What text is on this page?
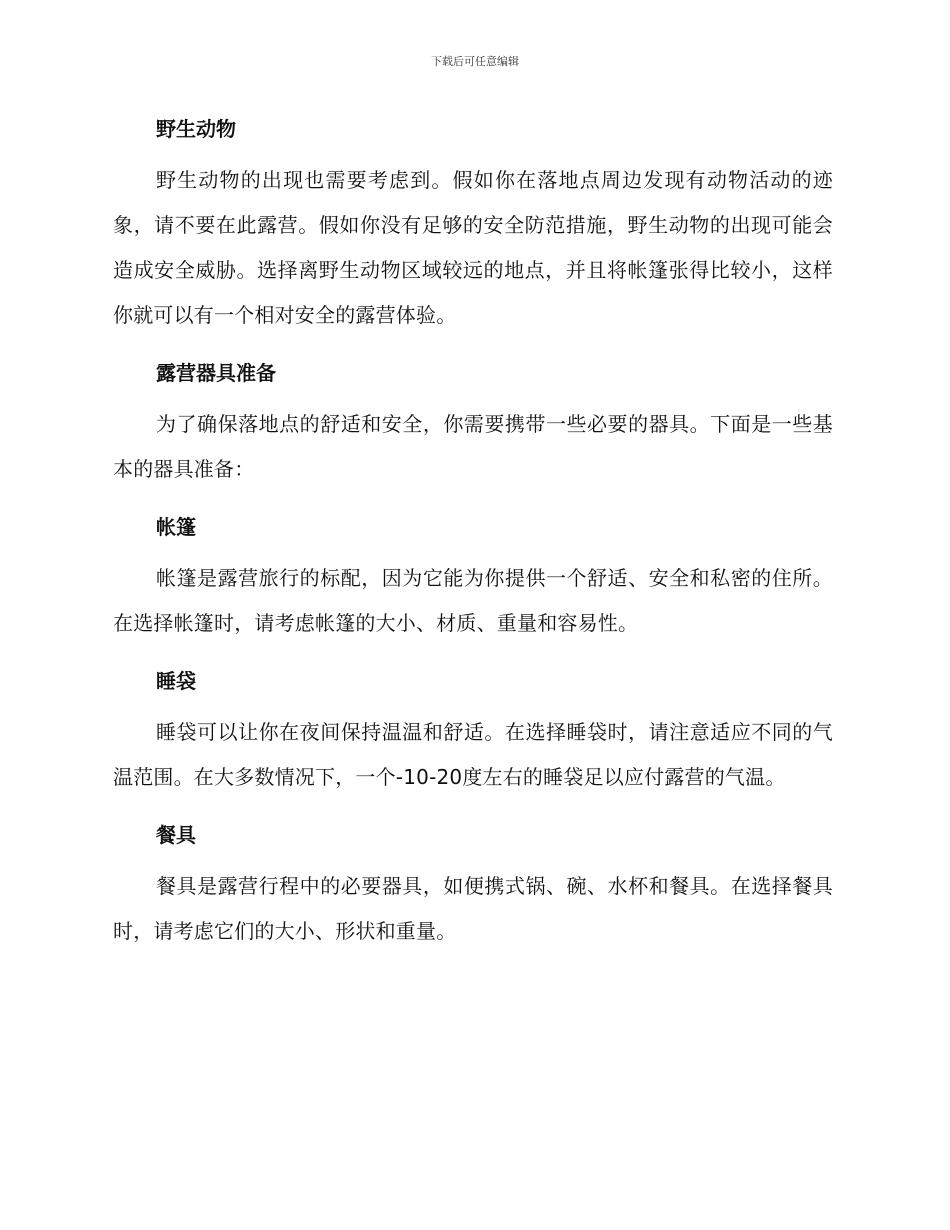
下载后可任意编辑
野生动物

野生动物的出现也需要考虑到。假如你在落地点周边发现有动物活动的迹象，请不要在此露营。假如你没有足够的安全防范措施，野生动物的出现可能会造成安全威胁。选择离野生动物区域较远的地点，并且将帐篷张得比较小，这样你就可以有一个相对安全的露营体验。

露营器具准备

为了确保落地点的舒适和安全，你需要携带一些必要的器具。下面是一些基本的器具准备：

帐篷

帐篷是露营旅行的标配，因为它能为你提供一个舒适、安全和私密的住所。在选择帐篷时，请考虑帐篷的大小、材质、重量和容易性。

睡袋

睡袋可以让你在夜间保持温温和舒适。在选择睡袋时，请注意适应不同的气温范围。在大多数情况下，一个-10-20度左右的睡袋足以应付露营的气温。

餐具

餐具是露营行程中的必要器具，如便携式锅、碗、水杯和餐具。在选择餐具时，请考虑它们的大小、形状和重量。
